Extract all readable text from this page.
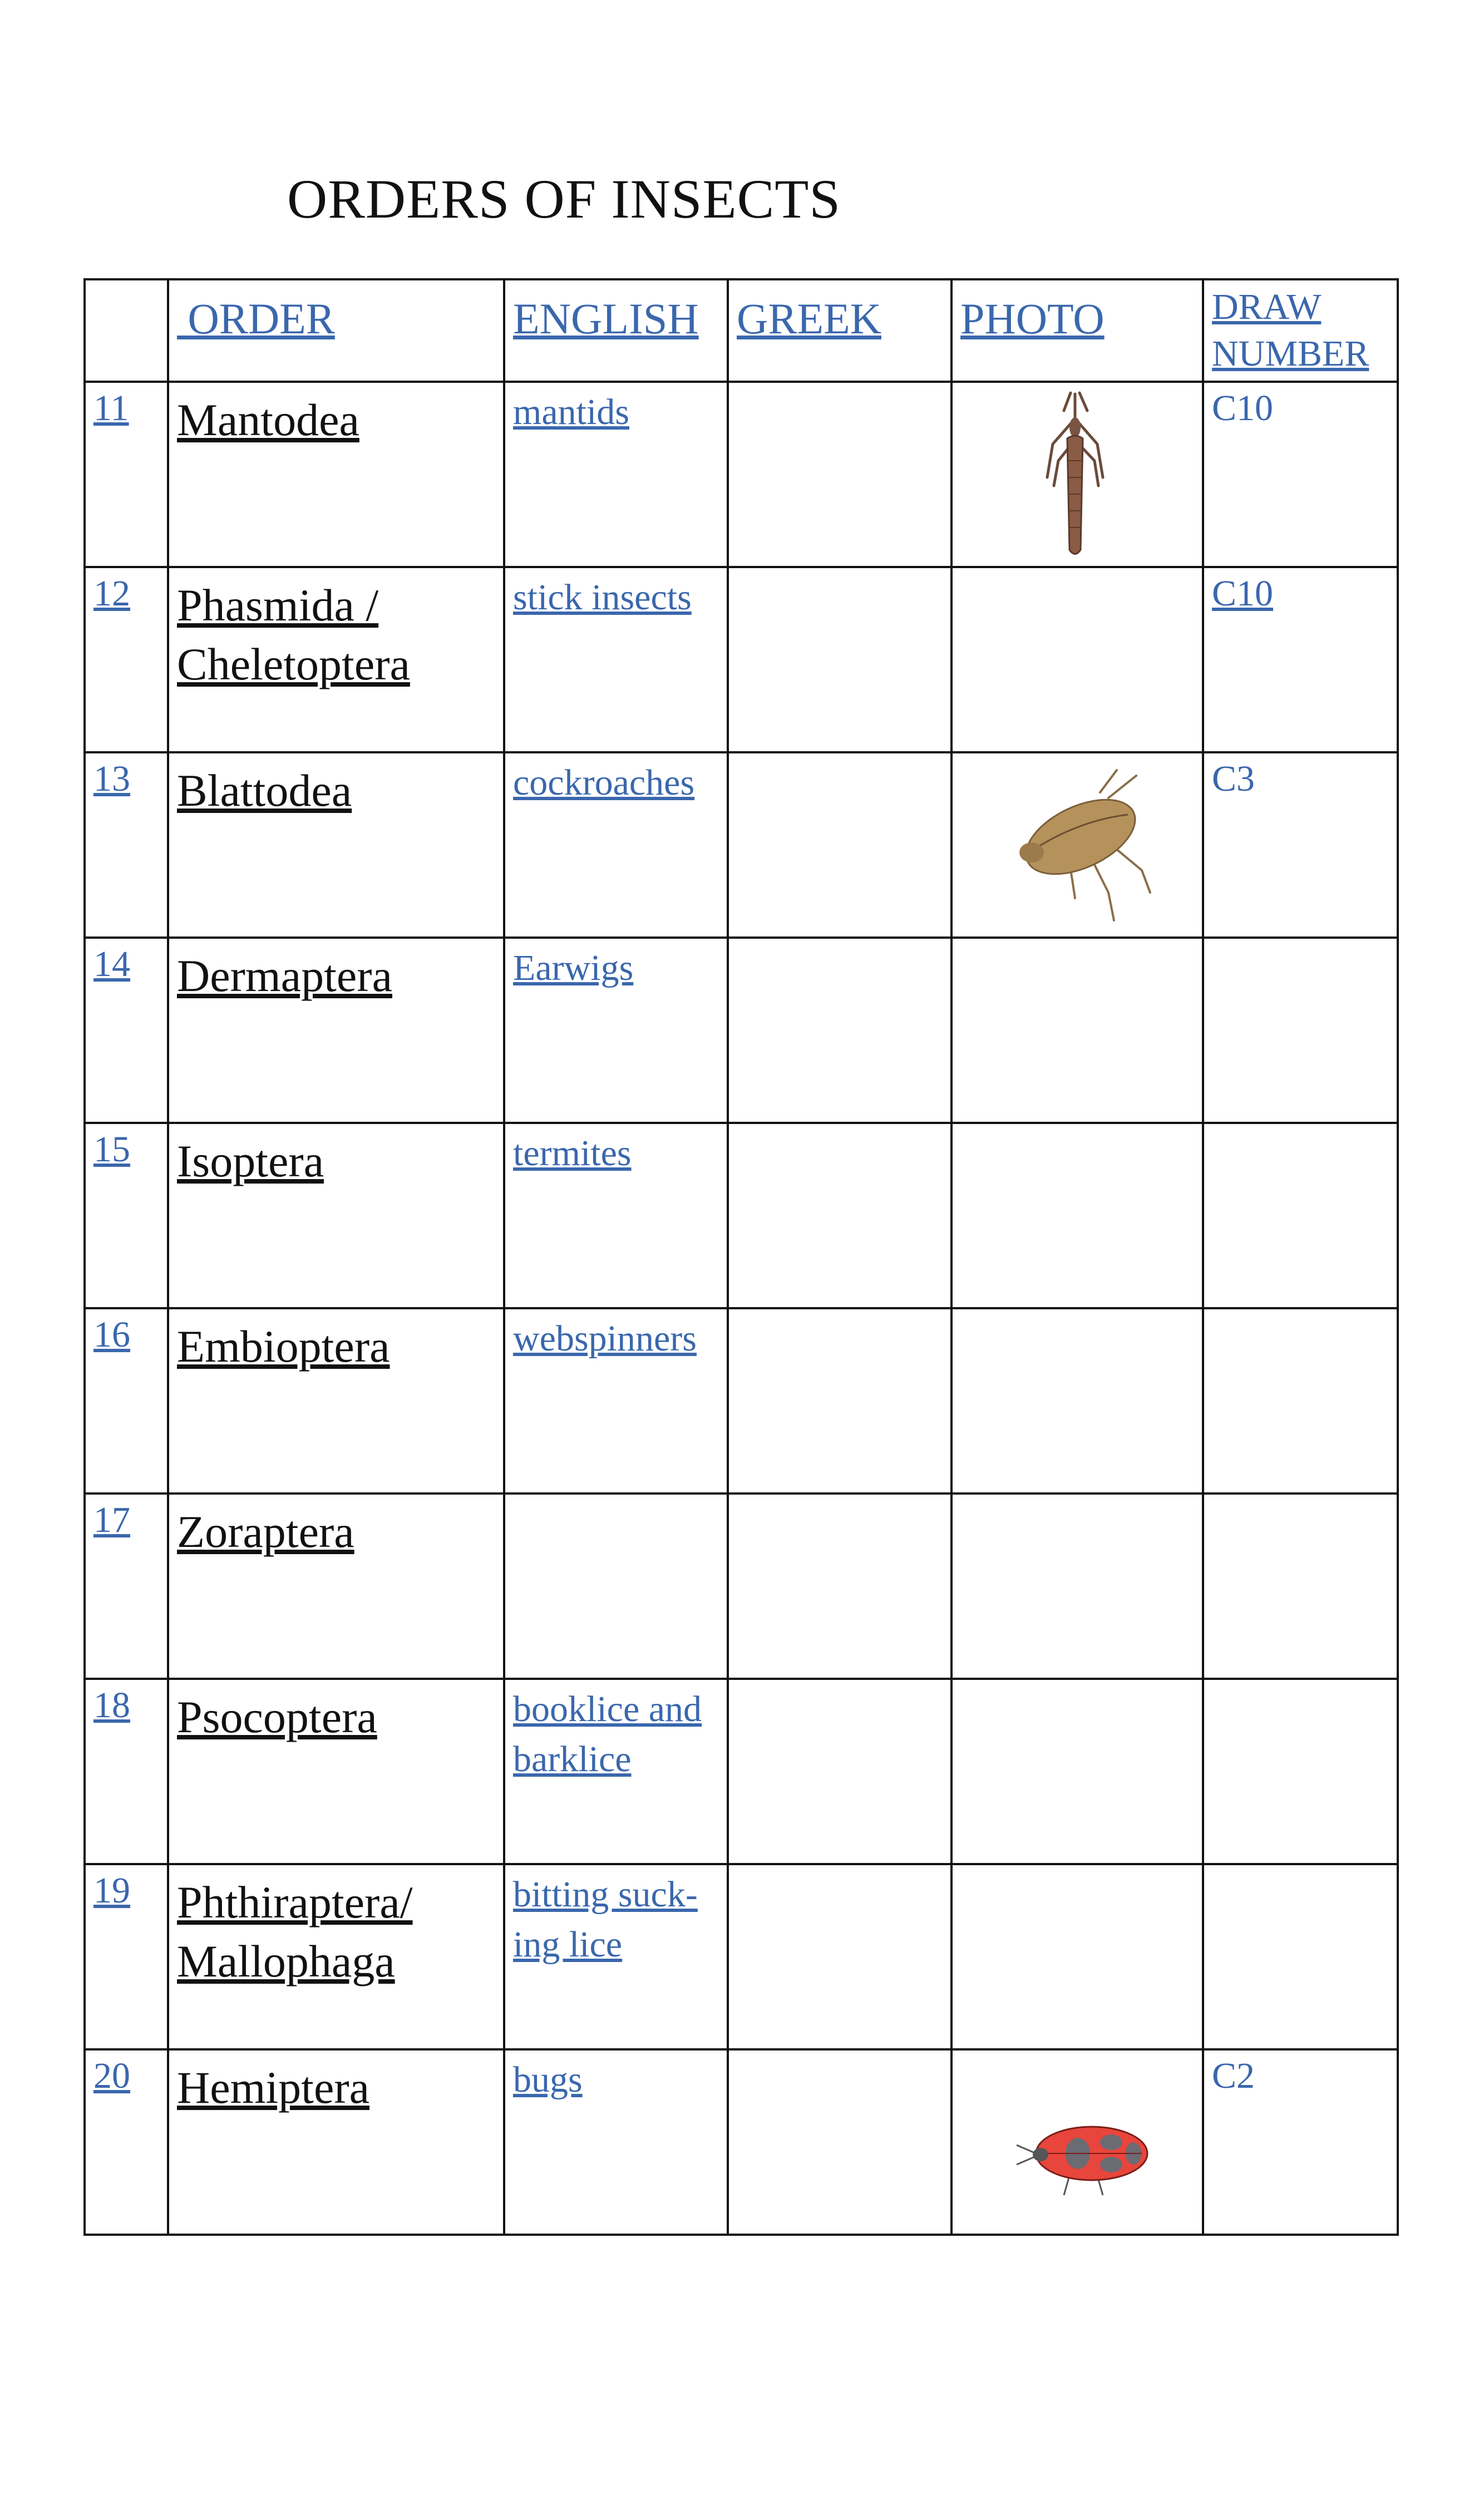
ORDERS OF INSECTS

	ORDER	ENGLISH	GREEK	PHOTO	DRAW NUMBER

11	Mantodea	mantids			C10

12	Phasmida /
Cheletoptera	stick insects			C10

13	Blattodea	cockroaches			C3

14	Dermaptera	Earwigs			

15	Isoptera	termites			

16	Embioptera	webspinners			

17	Zoraptera				

18	Psocoptera	booklice and barklice			

19	Phthiraptera/
Mallophaga	bitting suck-ing lice			

20	Hemiptera	bugs			C2
